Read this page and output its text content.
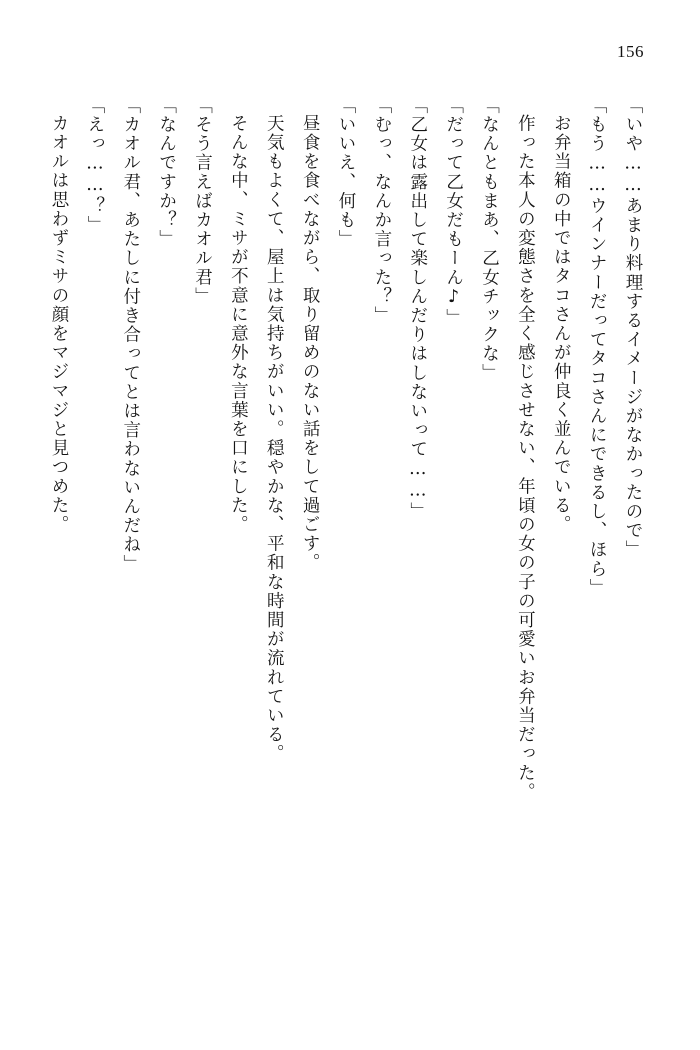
156

「いや……あまり料理するイメージがなかったので」

「もう……ウインナーだってタコさんにできるし、ほら」

お弁当箱の中ではタコさんが仲良く並んでいる。

作った本人の変態さを全く感じさせない、年頃の女の子の可愛いお弁当だった。

「なんともまあ、乙女チックな」

「だって乙女だもーん♪」

「乙女は露出して楽しんだりはしないって……」

「むっ、なんか言った？」

「いいえ、何も」

昼食を食べながら、取り留めのない話をして過ごす。

天気もよくて、屋上は気持ちがいい。穏やかな、平和な時間が流れている。

そんな中、ミサが不意に意外な言葉を口にした。

「そう言えばカオル君」

「なんですか？」

「カオル君、あたしに付き合ってとは言わないんだね」

「えっ……？」

カオルは思わずミサの顔をマジマジと見つめた。
